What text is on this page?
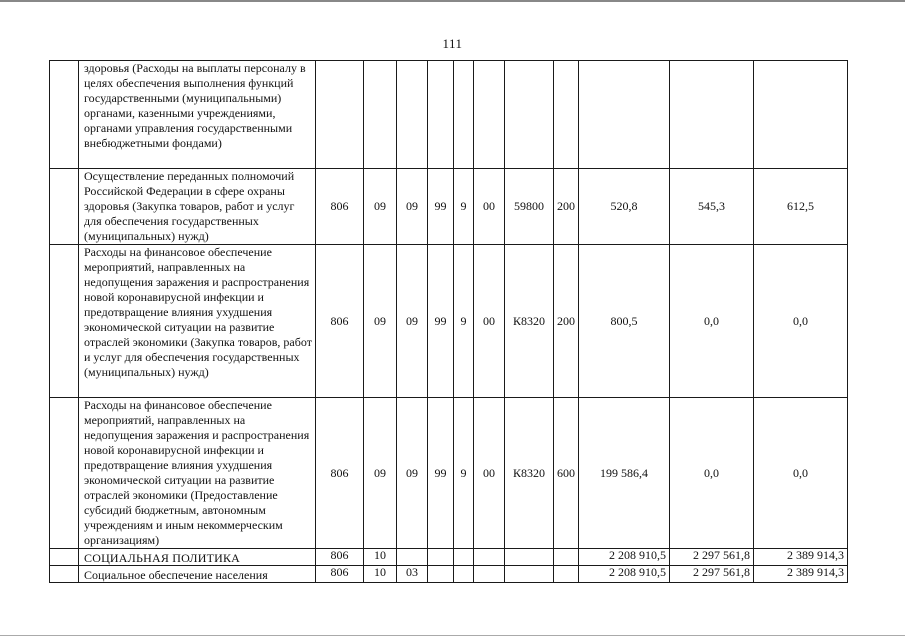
111
	здоровья (Расходы на выплаты персоналу в целях обеспечения выполнения функций государственными (муниципальными) органами, казенными учреждениями, органами управления государственными внебюджетными фондами)											
	Осуществление переданных полномочий Российской Федерации в сфере охраны здоровья (Закупка товаров, работ и услуг для обеспечения государственных (муниципальных) нужд)	806	09	09	99	9	00	59800	200	520,8	545,3	612,5
	Расходы на финансовое обеспечение мероприятий, направленных на недопущения заражения и распространения новой коронавирусной инфекции и предотвращение влияния ухудшения экономической ситуации на развитие отраслей экономики (Закупка товаров, работ и услуг для обеспечения государственных (муниципальных) нужд)	806	09	09	99	9	00	К8320	200	800,5	0,0	0,0
	Расходы на финансовое обеспечение мероприятий, направленных на недопущения заражения и распространения новой коронавирусной инфекции и предотвращение влияния ухудшения экономической ситуации на развитие отраслей экономики (Предоставление субсидий бюджетным, автономным учреждениям и иным некоммерческим организациям)	806	09	09	99	9	00	К8320	600	199 586,4	0,0	0,0
	СОЦИАЛЬНАЯ ПОЛИТИКА	806	10							2 208 910,5	2 297 561,8	2 389 914,3
	Социальное обеспечение населения	806	10	03						2 208 910,5	2 297 561,8	2 389 914,3
